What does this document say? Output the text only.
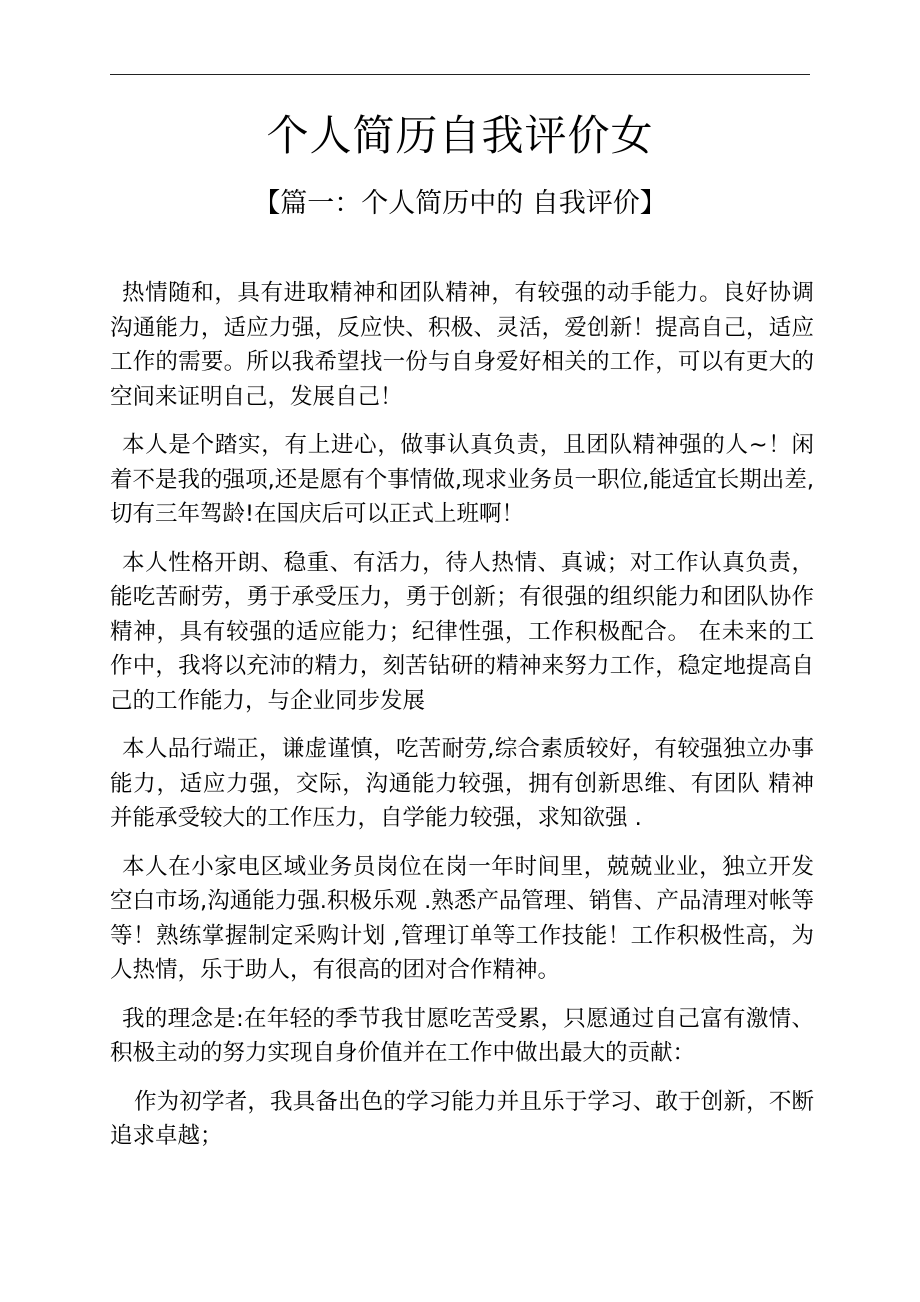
个人简历自我评价女
【篇一：个人简历中的 自我评价】

热情随和，具有进取精神和团队精神，有较强的动手能力。良好协调沟通能力，适应力强，反应快、积极、灵活，爱创新！提高自己，适应工作的需要。所以我希望找一份与自身爱好相关的工作，可以有更大的空间来证明自己，发展自己！

本人是个踏实，有上进心，做事认真负责，且团队精神强的人~！闲着不是我的强项,还是愿有个事情做,现求业务员一职位,能适宜长期出差,切有三年驾龄!在国庆后可以正式上班啊！

本人性格开朗、稳重、有活力，待人热情、真诚；对工作认真负责，能吃苦耐劳，勇于承受压力，勇于创新；有很强的组织能力和团队协作精神，具有较强的适应能力；纪律性强，工作积极配合。 在未来的工作中，我将以充沛的精力，刻苦钻研的精神来努力工作，稳定地提高自己的工作能力，与企业同步发展

本人品行端正，谦虚谨慎，吃苦耐劳,综合素质较好，有较强独立办事能力，适应力强，交际，沟通能力较强，拥有创新思维、有团队 精神并能承受较大的工作压力，自学能力较强，求知欲强 .

本人在小家电区域业务员岗位在岗一年时间里，兢兢业业，独立开发空白市场,沟通能力强.积极乐观 .熟悉产品管理、销售、产品清理对帐等等！熟练掌握制定采购计划 ,管理订单等工作技能！工作积极性高，为人热情，乐于助人，有很高的团对合作精神。

我的理念是:在年轻的季节我甘愿吃苦受累，只愿通过自己富有激情、积极主动的努力实现自身价值并在工作中做出最大的贡献：

作为初学者，我具备出色的学习能力并且乐于学习、敢于创新，不断追求卓越；
